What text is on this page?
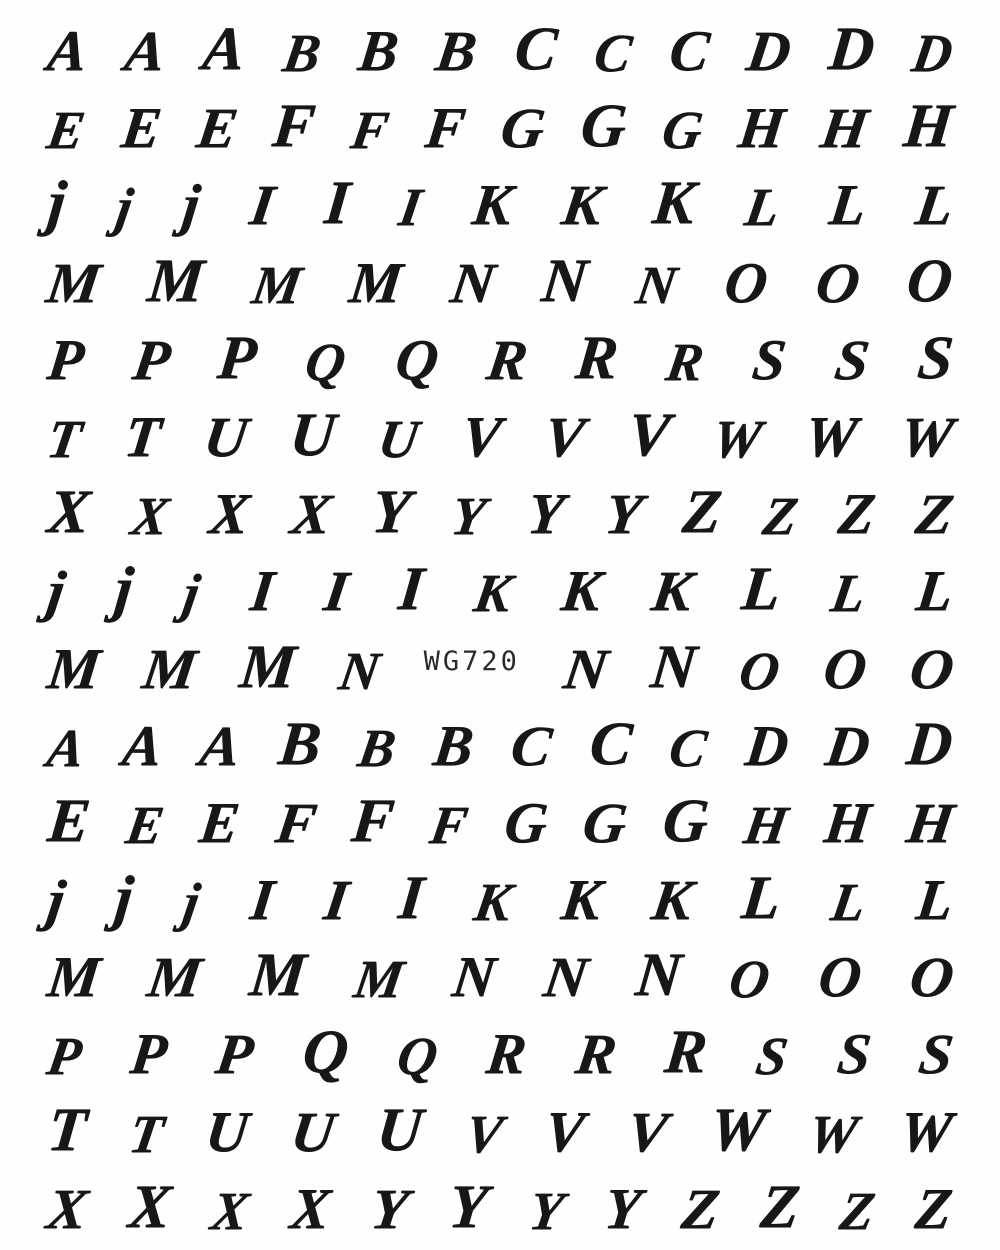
A A A B B B C C C D D D
E E E F F F G G G H H H
j j j I I I K K K L L L
M M M M N N N O O O
P P P Q Q R R R S S S
T T U U U V V V W W W
X X X X Y Y Y Y Z Z Z Z
j j j I I I K K K L L L
M M M N WG720 N N O O O
A A A B B B C C C D D D
E E E F F F G G G H H H
j j j I I I K K K L L L
M M M M N N N O O O
P P P Q Q R R R S S S
T T U U U V V V W W W
X X X X Y Y Y Y Z Z Z Z
